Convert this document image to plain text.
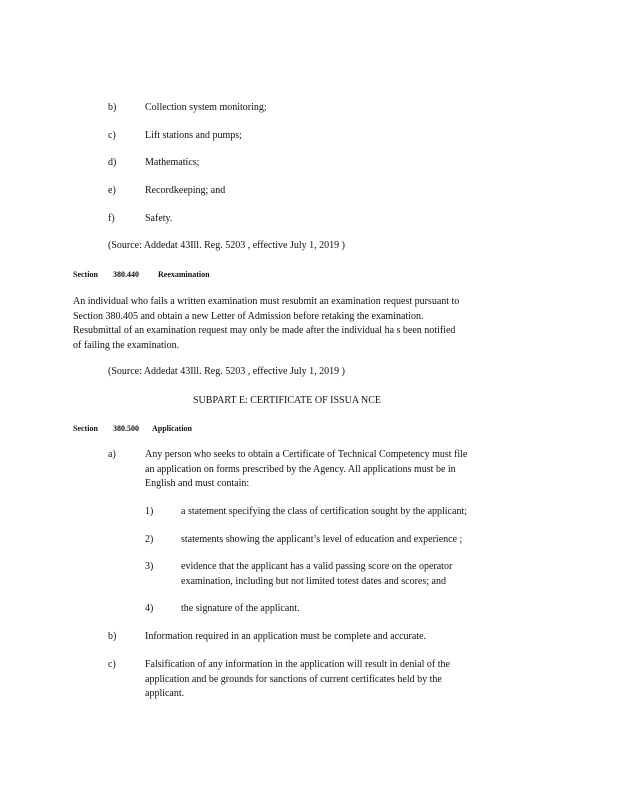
b)	Collection system monitoring;
c)	Lift stations and pumps;
d)	Mathematics;
e)	Recordkeeping; and
f)	Safety.
(Source: Addedat 43Ill. Reg. 5203 , effective July 1, 2019 )
Section 380.440 Reexamination
An individual who fails a written examination must resubmit an examination request pursuant to
Section 380.405 and obtain a new Letter of Admission before retaking the examination.
Resubmittal of an examination request may only be made after the individual ha s been notified
of failing the examination.
(Source: Addedat 43Ill. Reg. 5203 , effective July 1, 2019 )
SUBPART E: CERTIFICATE OF ISSUA NCE
Section 380.500 Application
a)	Any person who seeks to obtain a Certificate of Technical Competency must file
an application on forms prescribed by the Agency. All applications must be in
English and must contain:
1)	a statement specifying the class of certification sought by the applicant;
2)	statements showing the applicant’s level of education and experience ;
3)	evidence that the applicant has a valid passing score on the operator
examination, including but not limited totest dates and scores; and
4)	the signature of the applicant.
b)	Information required in an application must be complete and accurate.
c)	Falsification of any information in the application will result in denial of the
application and be grounds for sanctions of current certificates held by the
applicant.
